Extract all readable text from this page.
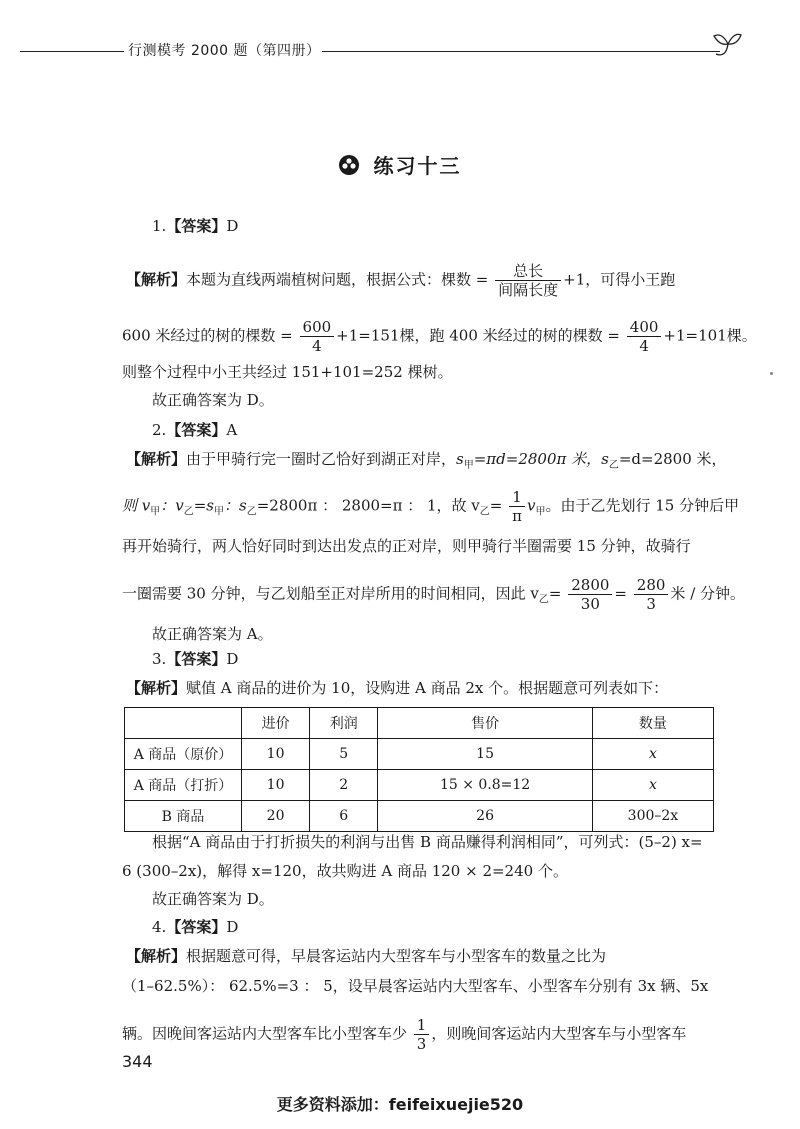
行测模考 2000 题（第四册）
练习十三
1.【答案】D
【解析】本题为直线两端植树问题，根据公式：棵数 = $\frac{\text{总长}}{\text{间隔长度}} +1$，可得小王跑
600 米经过的树的棵数 = $\frac{600}{4} +1=151$棵，跑 400 米经过的树的棵数 = $\frac{400}{4} +1=101$棵。
则整个过程中小王共经过 151+101=252 棵树。
故正确答案为 D。
2.【答案】A
【解析】由于甲骑行完一圈时乙恰好到湖正对岸，$s_甲=\pi d=2800\pi$ 米，$s_乙=d=2800$ 米，
则 $v_甲$：$v_乙=s_甲$：$s_乙=2800\pi$ ： 2800=π ： 1，故 $v_乙= \frac{1}{\pi} v_甲$。由于乙先划行 15 分钟后甲
再开始骑行，两人恰好同时到达出发点的正对岸，则甲骑行半圈需要 15 分钟，故骑行
一圈需要 30 分钟，与乙划船至正对岸所用的时间相同，因此 $v_乙= \frac{2800}{30} = \frac{280}{3}$ 米 / 分钟。
故正确答案为 A。
3.【答案】D
【解析】赋值 A 商品的进价为 10，设购进 A 商品 2x 个。根据题意可列表如下：
	进价	利润	售价	数量
A 商品（原价）	10	5	15	x
A 商品（打折）	10	2	15 × 0.8=12	x
B 商品	20	6	26	300–2x
根据“A 商品由于打折损失的利润与出售 B 商品赚得利润相同”，可列式：(5–2) x=
6 (300–2x)，解得 x=120，故共购进 A 商品 120 × 2=240 个。
故正确答案为 D。
4.【答案】D
【解析】根据题意可得，早晨客运站内大型客车与小型客车的数量之比为
（1–62.5%）： 62.5%=3 ： 5，设早晨客运站内大型客车、小型客车分别有 3x 辆、5x
辆。因晚间客运站内大型客车比小型客车少 $\frac{1}{3}$ ，则晚间客运站内大型客车与小型客车
344
更多资料添加：feifeixuejie520
